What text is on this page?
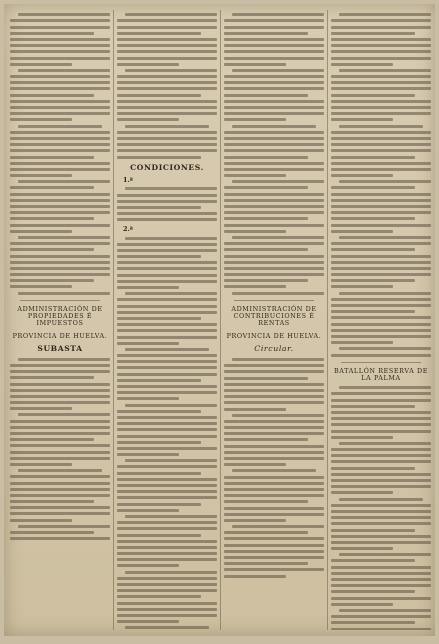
ADMINISTRACIÓN DE PROPIEDADES É IMPUESTOS
PROVINCIA DE HUELVA.
SUBASTA
CONDICIONES.
1.ª
2.ª
ADMINISTRACIÓN DE CONTRIBUCIONES É RENTAS
PROVINCIA DE HUELVA.
Circular.
BATALLÓN RESERVA DE LA PALMA
